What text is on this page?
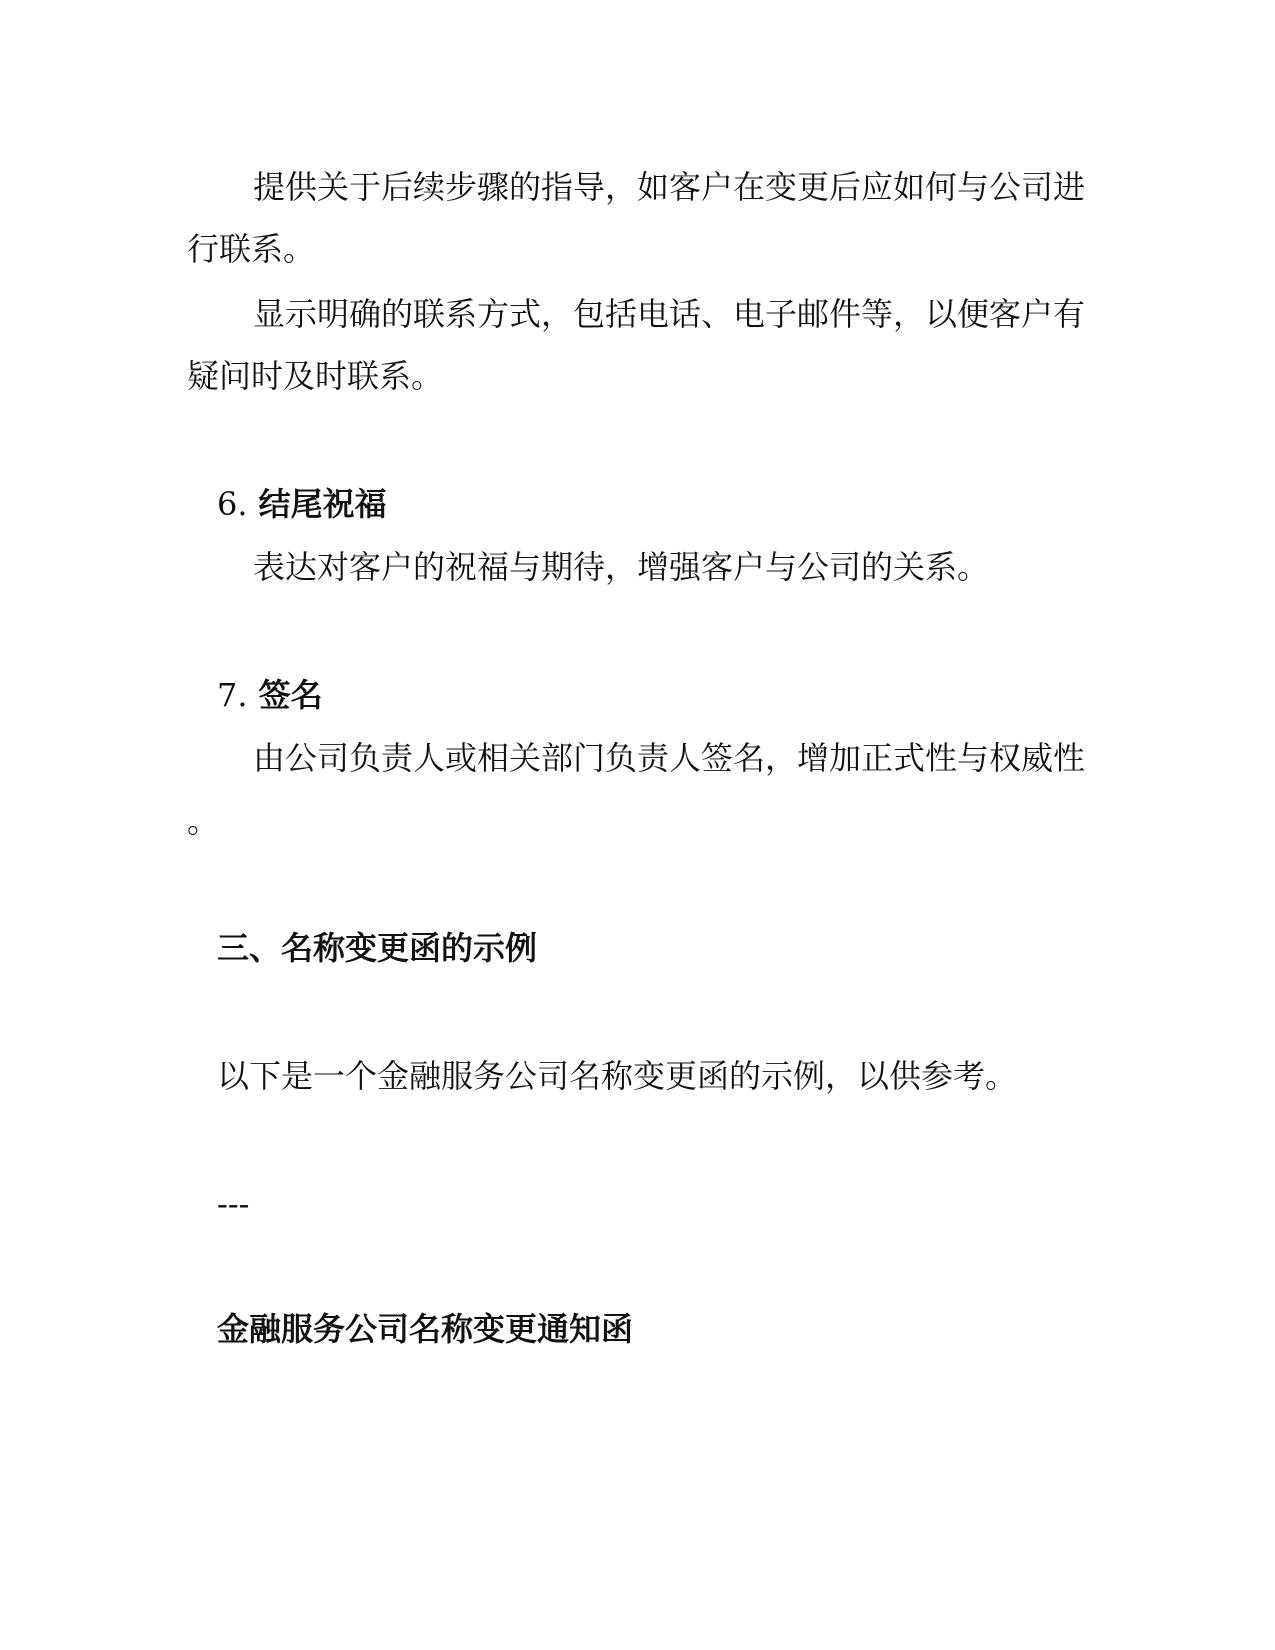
提供关于后续步骤的指导，如客户在变更后应如何与公司进

行联系。

显示明确的联系方式，包括电话、电子邮件等，以便客户有

疑问时及时联系。

6. 结尾祝福

表达对客户的祝福与期待，增强客户与公司的关系。

7. 签名

由公司负责人或相关部门负责人签名，增加正式性与权威性

。

三、名称变更函的示例

以下是一个金融服务公司名称变更函的示例，以供参考。

---

金融服务公司名称变更通知函
